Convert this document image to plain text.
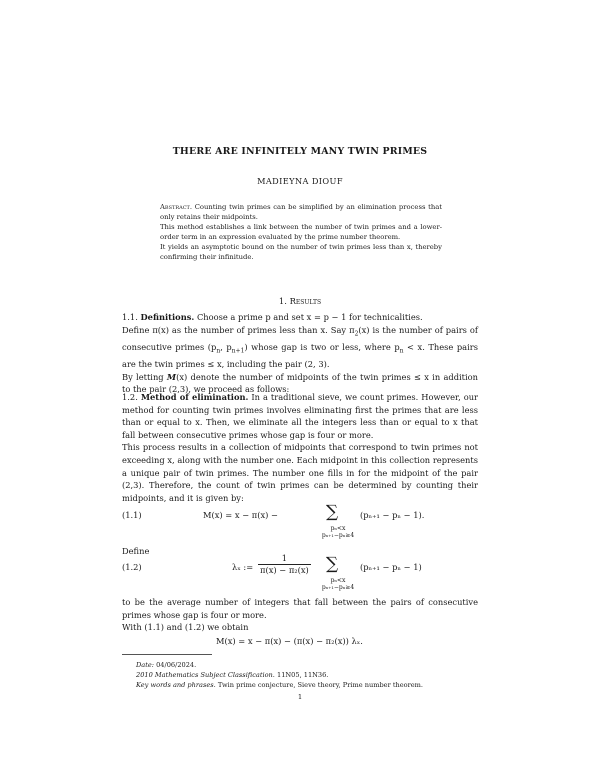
THERE ARE INFINITELY MANY TWIN PRIMES
MADIEYNA DIOUF

Abstract. Counting twin primes can be simplified by an elimination process that only retains their midpoints.

This method establishes a link between the number of twin primes and a lower-order term in an expression evaluated by the prime number theorem.

It yields an asymptotic bound on the number of twin primes less than x, thereby confirming their infinitude.

1. Results

1.1. Definitions. Choose a prime p and set x = p − 1 for technicalities.

Define π(x) as the number of primes less than x. Say $\pi_2(x)$ is the number of pairs of consecutive primes ($p_n$, $p_{n+1}$) whose gap is two or less, where $p_n < x$. These pairs are the twin primes ≤ x, including the pair (2, 3).

By letting M(x) denote the number of midpoints of the twin primes ≤ x in addition to the pair (2,3), we proceed as follows:

1.2. Method of elimination. In a traditional sieve, we count primes. However, our method for counting twin primes involves eliminating first the primes that are less than or equal to x. Then, we eliminate all the integers less than or equal to x that fall between consecutive primes whose gap is four or more.

This process results in a collection of midpoints that correspond to twin primes not exceeding x, along with the number one. Each midpoint in this collection represents a unique pair of twin primes. The number one fills in for the midpoint of the pair (2,3). Therefore, the count of twin primes can be determined by counting their midpoints, and it is given by:

(1.1)	M(x) = x − π(x) −	∑
pₙ<x
pₙ₊₁−pₙ≥4
(pₙ₊₁ − pₙ − 1).
Define
(1.2)	λₓ := $\frac{1}{\text{π(x) − π₂(x)}}$ ∑
pₙ<x
pₙ₊₁−pₙ≥4
(pₙ₊₁ − pₙ − 1)
to be the average number of integers that fall between the pairs of consecutive primes whose gap is four or more.
With (1.1) and (1.2) we obtain
M(x) = x − π(x) − (π(x) − π₂(x)) λₓ.

Date: 04/06/2024.

2010 Mathematics Subject Classification. 11N05, 11N36.

Key words and phrases. Twin prime conjecture, Sieve theory, Prime number theorem.

1
